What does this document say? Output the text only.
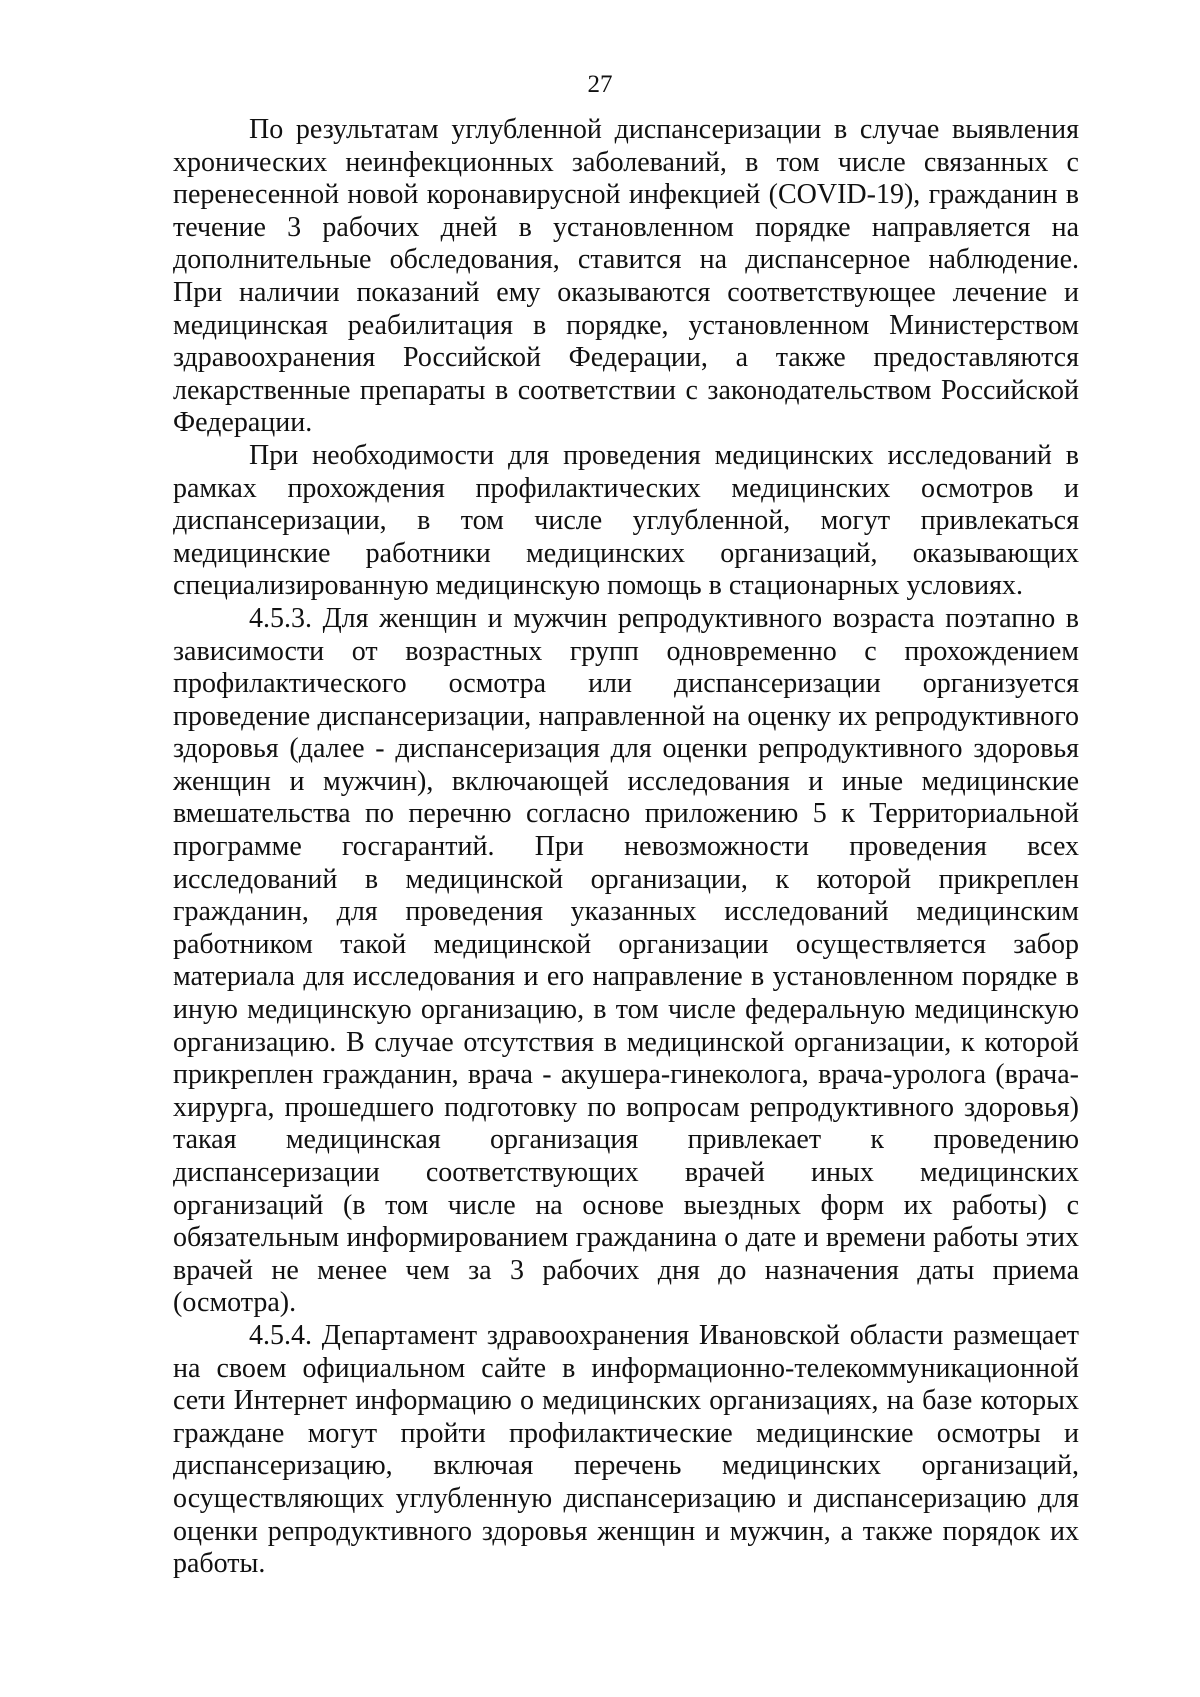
27

По результатам углубленной диспансеризации в случае выявления хронических неинфекционных заболеваний, в том числе связанных с перенесенной новой коронавирусной инфекцией (COVID-19), гражданин в течение 3 рабочих дней в установленном порядке направляется на дополнительные обследования, ставится на диспансерное наблюдение. При наличии показаний ему оказываются соответствующее лечение и медицинская реабилитация в порядке, установленном Министерством здравоохранения Российской Федерации, а также предоставляются лекарственные препараты в соответствии с законодательством Российской Федерации.

При необходимости для проведения медицинских исследований в рамках прохождения профилактических медицинских осмотров и диспансеризации, в том числе углубленной, могут привлекаться медицинские работники медицинских организаций, оказывающих специализированную медицинскую помощь в стационарных условиях.

4.5.3. Для женщин и мужчин репродуктивного возраста поэтапно в зависимости от возрастных групп одновременно с прохождением профилактического осмотра или диспансеризации организуется проведение диспансеризации, направленной на оценку их репродуктивного здоровья (далее - диспансеризация для оценки репродуктивного здоровья женщин и мужчин), включающей исследования и иные медицинские вмешательства по перечню согласно приложению 5 к Территориальной программе госгарантий. При невозможности проведения всех исследований в медицинской организации, к которой прикреплен гражданин, для проведения указанных исследований медицинским работником такой медицинской организации осуществляется забор материала для исследования и его направление в установленном порядке в иную медицинскую организацию, в том числе федеральную медицинскую организацию. В случае отсутствия в медицинской организации, к которой прикреплен гражданин, врача - акушера-гинеколога, врача-уролога (врача-хирурга, прошедшего подготовку по вопросам репродуктивного здоровья) такая медицинская организация привлекает к проведению диспансеризации соответствующих врачей иных медицинских организаций (в том числе на основе выездных форм их работы) с обязательным информированием гражданина о дате и времени работы этих врачей не менее чем за 3 рабочих дня до назначения даты приема (осмотра).

4.5.4. Департамент здравоохранения Ивановской области размещает на своем официальном сайте в информационно-телекоммуникационной сети Интернет информацию о медицинских организациях, на базе которых граждане могут пройти профилактические медицинские осмотры и диспансеризацию, включая перечень медицинских организаций, осуществляющих углубленную диспансеризацию и диспансеризацию для оценки репродуктивного здоровья женщин и мужчин, а также порядок их работы.
